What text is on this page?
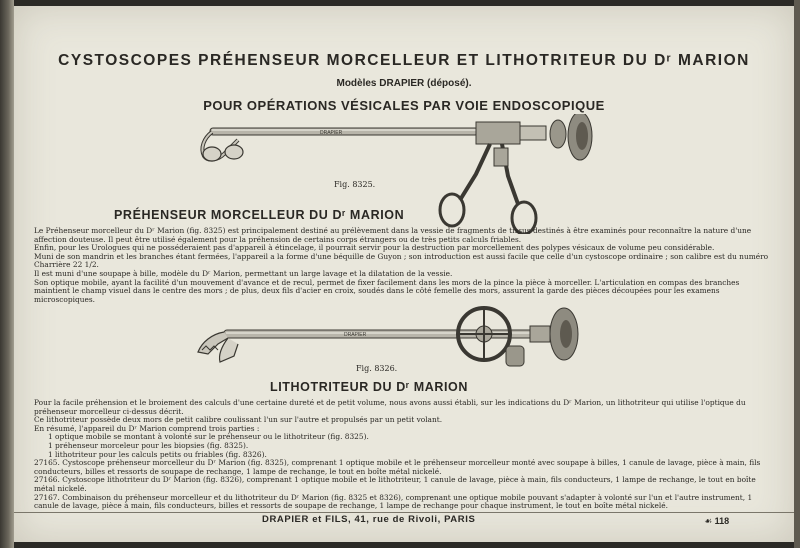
CYSTOSCOPES PRÉHENSEUR MORCELLEUR ET LITHOTRITEUR DU Dʳ MARION
Modèles DRAPIER (déposé).
POUR OPÉRATIONS VÉSICALES PAR VOIE ENDOSCOPIQUE
DRAPIER
Fig. 8325.
PRÉHENSEUR MORCELLEUR DU Dʳ MARION

Le Préhenseur morcelleur du Dʳ Marion (fig. 8325) est principalement destiné au prélèvement dans la vessie de fragments de tissus destinés à être examinés pour reconnaître la nature d'une affection douteuse. Il peut être utilisé également pour la préhension de certains corps étrangers ou de très petits calculs friables.

Enfin, pour les Urologues qui ne posséderaient pas d'appareil à étincelage, il pourrait servir pour la destruction par morcellement des polypes vésicaux de volume peu considérable.

Muni de son mandrin et les branches étant fermées, l'appareil a la forme d'une béquille de Guyon ; son introduction est aussi facile que celle d'un cystoscope ordinaire ; son calibre est du numéro Charrière 22 1/2.

Il est muni d'une soupape à bille, modèle du Dʳ Marion, permettant un large lavage et la dilatation de la vessie.

Son optique mobile, ayant la facilité d'un mouvement d'avance et de recul, permet de fixer facilement dans les mors de la pince la pièce à morceller. L'articulation en compas des branches maintient le champ visuel dans le centre des mors ; de plus, deux fils d'acier en croix, soudés dans le côté femelle des mors, assurent la garde des pièces découpées pour les examens microscopiques.

DRAPIER
Fig. 8326.
LITHOTRITEUR DU Dʳ MARION

Pour la facile préhension et le broiement des calculs d'une certaine dureté et de petit volume, nous avons aussi établi, sur les indications du Dʳ Marion, un lithotriteur qui utilise l'optique du préhenseur morcelleur ci-dessus décrit.

Ce lithotriteur possède deux mors de petit calibre coulissant l'un sur l'autre et propulsés par un petit volant.

En résumé, l'appareil du Dʳ Marion comprend trois parties :

1 optique mobile se montant à volonté sur le préhenseur ou le lithotriteur (fig. 8325).

1 préhenseur morceleur pour les biopsies (fig. 8325).

1 lithotriteur pour les calculs petits ou friables (fig. 8326).

27165. Cystoscope préhenseur morcelleur du Dʳ Marion (fig. 8325), comprenant 1 optique mobile et le préhenseur morcelleur monté avec soupape à billes, 1 canule de lavage, pièce à main, fils conducteurs, billes et ressorts de soupape de rechange, 1 lampe de rechange, le tout en boîte métal nickelé.

27166. Cystoscope lithotriteur du Dʳ Marion (fig. 8326), comprenant 1 optique mobile et le lithotriteur, 1 canule de lavage, pièce à main, fils conducteurs, 1 lampe de rechange, le tout en boîte métal nickelé.

27167. Combinaison du préhenseur morcelleur et du lithotriteur du Dʳ Marion (fig. 8325 et 8326), comprenant une optique mobile pouvant s'adapter à volonté sur l'un et l'autre instrument, 1 canule de lavage, pièce à main, fils conducteurs, billes et ressorts de soupape de rechange, 1 lampe de rechange pour chaque instrument, le tout en boîte métal nickelé.

DRAPIER et FILS, 41, rue de Rivoli, PARIS	☙ 118
